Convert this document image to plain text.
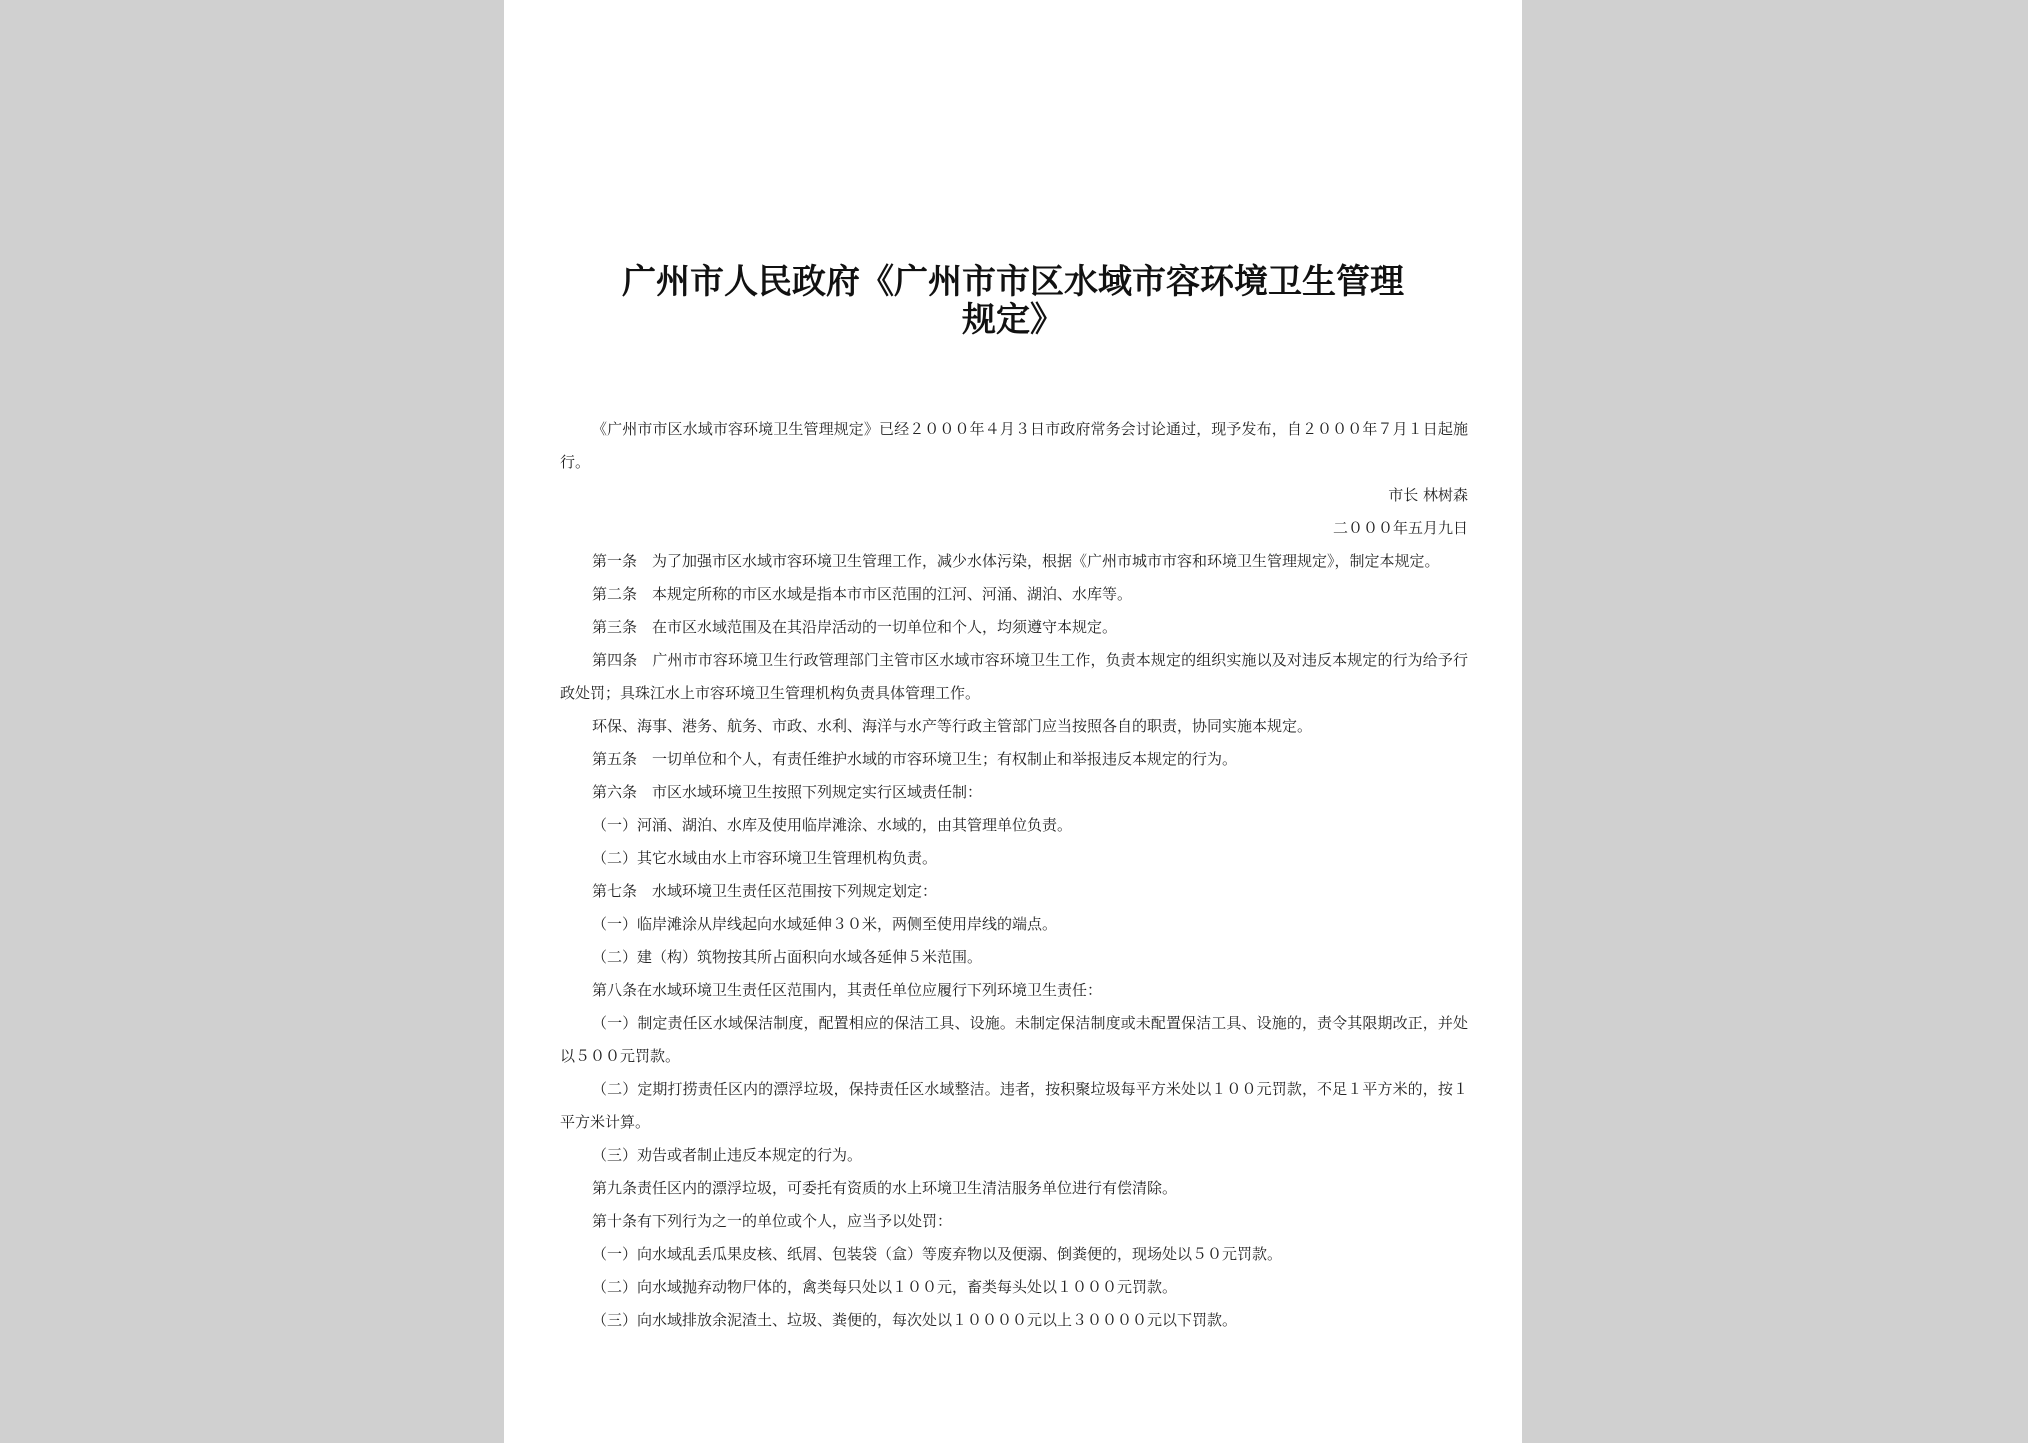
广州市人民政府《广州市市区水域市容环境卫生管理
规定》

《广州市市区水域市容环境卫生管理规定》已经２０００年４月３日市政府常务会讨论通过，现予发布，自２０００年７月１日起施行。

市长 林树森

二０００年五月九日

第一条　为了加强市区水域市容环境卫生管理工作，减少水体污染，根据《广州市城市市容和环境卫生管理规定》，制定本规定。

第二条　本规定所称的市区水域是指本市市区范围的江河、河涌、湖泊、水库等。

第三条　在市区水域范围及在其沿岸活动的一切单位和个人，均须遵守本规定。

第四条　广州市市容环境卫生行政管理部门主管市区水域市容环境卫生工作，负责本规定的组织实施以及对违反本规定的行为给予行政处罚；具珠江水上市容环境卫生管理机构负责具体管理工作。

环保、海事、港务、航务、市政、水利、海洋与水产等行政主管部门应当按照各自的职责，协同实施本规定。

第五条　一切单位和个人，有责任维护水域的市容环境卫生；有权制止和举报违反本规定的行为。

第六条　市区水域环境卫生按照下列规定实行区域责任制：

（一）河涌、湖泊、水库及使用临岸滩涂、水域的，由其管理单位负责。

（二）其它水域由水上市容环境卫生管理机构负责。

第七条　水域环境卫生责任区范围按下列规定划定：

（一）临岸滩涂从岸线起向水域延伸３０米，两侧至使用岸线的端点。

（二）建（构）筑物按其所占面积向水域各延伸５米范围。

第八条在水域环境卫生责任区范围内，其责任单位应履行下列环境卫生责任：

（一）制定责任区水域保洁制度，配置相应的保洁工具、设施。未制定保洁制度或未配置保洁工具、设施的，责令其限期改正，并处以５００元罚款。

（二）定期打捞责任区内的漂浮垃圾，保持责任区水域整洁。违者，按积聚垃圾每平方米处以１００元罚款，不足１平方米的，按１平方米计算。

（三）劝告或者制止违反本规定的行为。

第九条责任区内的漂浮垃圾，可委托有资质的水上环境卫生清洁服务单位进行有偿清除。

第十条有下列行为之一的单位或个人，应当予以处罚：

（一）向水域乱丢瓜果皮核、纸屑、包装袋（盒）等废弃物以及便溺、倒粪便的，现场处以５０元罚款。

（二）向水域抛弃动物尸体的，禽类每只处以１００元，畜类每头处以１０００元罚款。

（三）向水域排放余泥渣土、垃圾、粪便的，每次处以１００００元以上３００００元以下罚款。
